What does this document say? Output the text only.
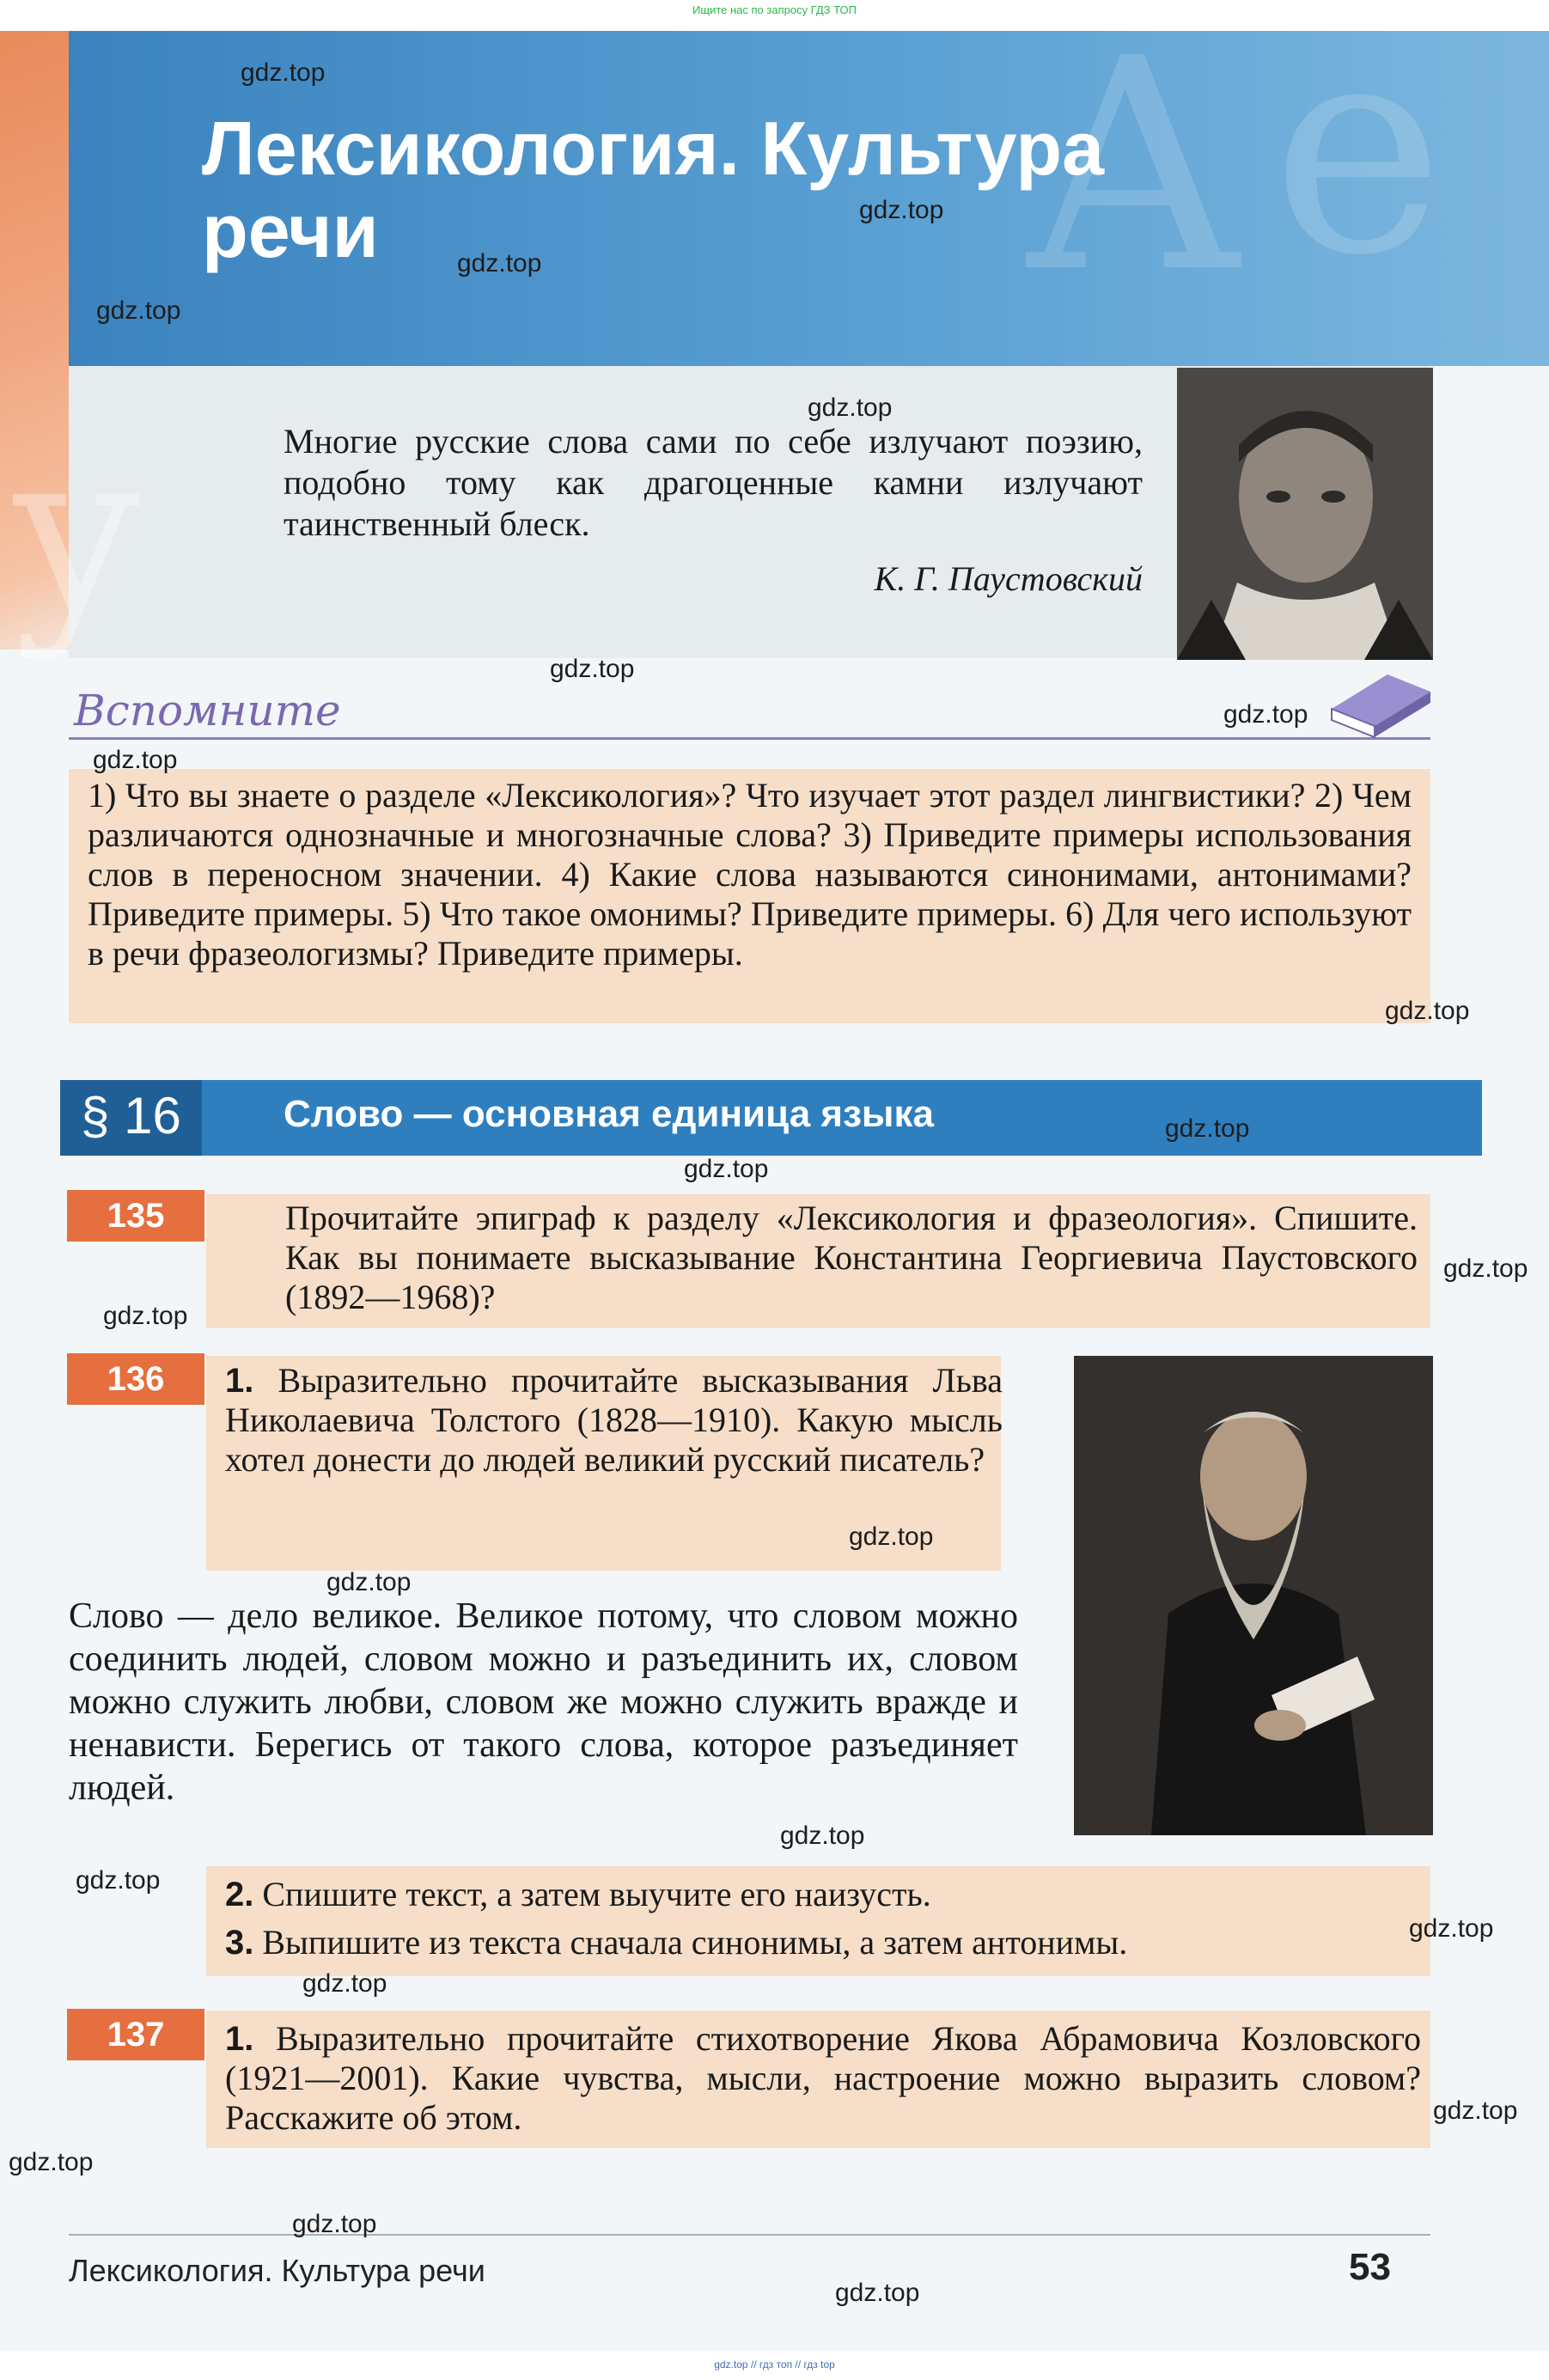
Ищите нас по запросу ГДЗ ТОП А е
Лексикология. Культура
речи
Многие русские слова сами по себе излучают поэзию, подобно тому как драгоценные камни излучают таинственный блеск.
К. Г. Паустовский
у
Вспомните
1) Что вы знаете о разделе «Лексикология»? Что изучает этот раздел лингвистики? 2) Чем различаются однозначные и многозначные слова? 3) Приведите примеры использования слов в переносном значении. 4) Какие слова называются синонимами, антонимами? Приведите примеры. 5) Что такое омонимы? Приведите примеры. 6) Для чего используют в речи фразеологизмы? Приведите примеры.
§ 16	Слово — основная единица языка
135	Прочитайте эпиграф к разделу «Лексикология и фразеология». Спишите. Как вы понимаете высказывание Константина Георгиевича Паустовского (1892—1968)?
136	1. Выразительно прочитайте высказывания Льва Николаевича Толстого (1828—1910). Какую мысль хотел донести до людей великий русский писатель?
Слово — дело великое. Великое потому, что словом можно соединить людей, словом можно и разъединить их, словом можно служить любви, словом же можно служить вражде и ненависти. Берегись от такого слова, которое разъединяет людей.
2. Спишите текст, а затем выучите его наизусть.
3. Выпишите из текста сначала синонимы, а затем антонимы.
137	1. Выразительно прочитайте стихотворение Якова Абрамовича Козловского (1921—2001). Какие чувства, мысли, настроение можно выразить словом? Расскажите об этом.
Лексикология. Культура речи	53
gdz.top // гдз топ // гдз top
gdz.top
gdz.top
gdz.top
gdz.top
gdz.top
gdz.top
gdz.top
gdz.top
gdz.top
gdz.top
gdz.top
gdz.top
gdz.top
gdz.top
gdz.top
gdz.top
gdz.top
gdz.top
gdz.top
gdz.top
gdz.top
gdz.top
gdz.top
